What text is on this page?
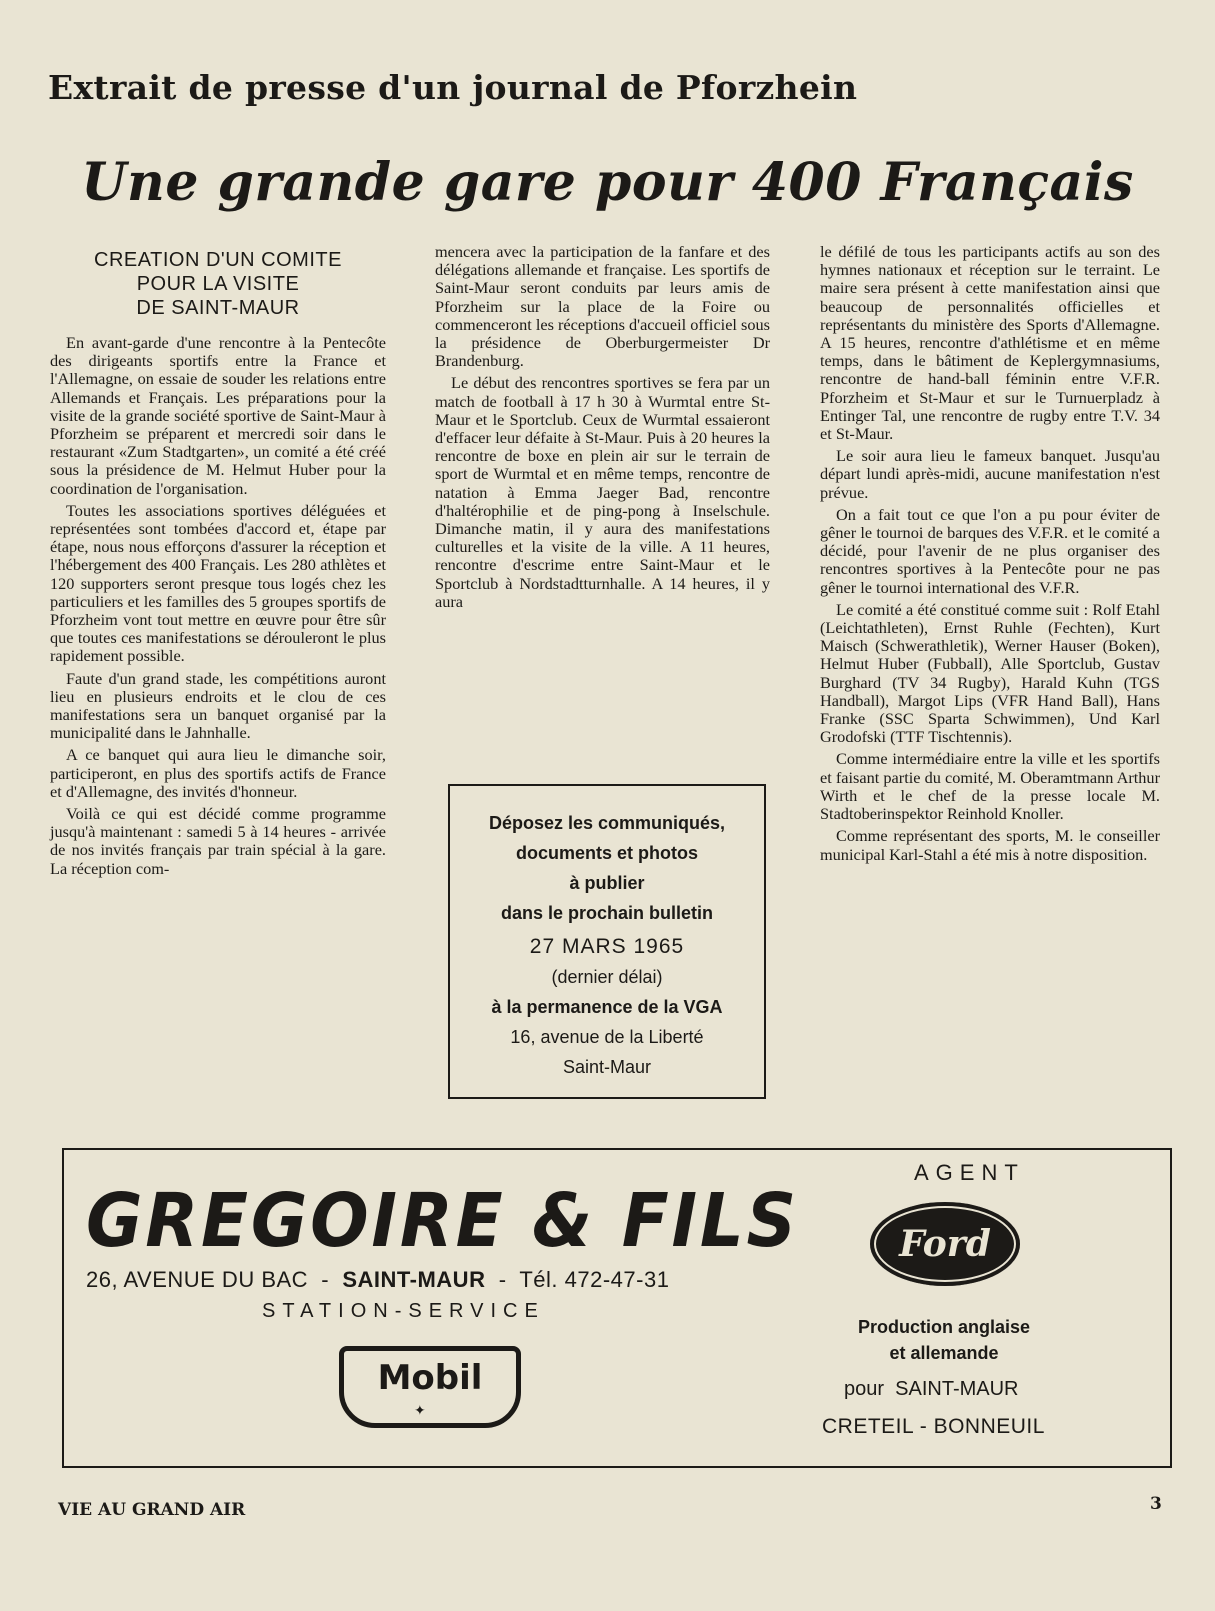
Extrait de presse d'un journal de Pforzhein
Une grande gare pour 400 Français
CREATION D'UN COMITE
POUR LA VISITE
DE SAINT-MAUR

En avant-garde d'une rencontre à la Pentecôte des dirigeants sportifs entre la France et l'Allemagne, on essaie de souder les relations entre Allemands et Français. Les préparations pour la visite de la grande société sportive de Saint-Maur à Pforzheim se préparent et mercredi soir dans le restaurant «Zum Stadtgarten», un comité a été créé sous la présidence de M. Helmut Huber pour la coordination de l'organisation.

Toutes les associations sportives déléguées et représentées sont tombées d'accord et, étape par étape, nous nous efforçons d'assurer la réception et l'hébergement des 400 Français. Les 280 athlètes et 120 supporters seront presque tous logés chez les particuliers et les familles des 5 groupes sportifs de Pforzheim vont tout mettre en œuvre pour être sûr que toutes ces manifestations se dérouleront le plus rapidement possible.

Faute d'un grand stade, les compétitions auront lieu en plusieurs endroits et le clou de ces manifestations sera un banquet organisé par la municipalité dans le Jahnhalle.

A ce banquet qui aura lieu le dimanche soir, participeront, en plus des sportifs actifs de France et d'Allemagne, des invités d'honneur.

Voilà ce qui est décidé comme programme jusqu'à maintenant : samedi 5 à 14 heures - arrivée de nos invités français par train spécial à la gare. La réception com-

mencera avec la participation de la fanfare et des délégations allemande et française. Les sportifs de Saint-Maur seront conduits par leurs amis de Pforzheim sur la place de la Foire ou commenceront les réceptions d'accueil officiel sous la présidence de Oberburgermeister Dr Brandenburg.

Le début des rencontres sportives se fera par un match de football à 17 h 30 à Wurmtal entre St-Maur et le Sportclub. Ceux de Wurmtal essaieront d'effacer leur défaite à St-Maur. Puis à 20 heures la rencontre de boxe en plein air sur le terrain de sport de Wurmtal et en même temps, rencontre de natation à Emma Jaeger Bad, rencontre d'haltérophilie et de ping-pong à Inselschule. Dimanche matin, il y aura des manifestations culturelles et la visite de la ville. A 11 heures, rencontre d'escrime entre Saint-Maur et le Sportclub à Nordstadtturnhalle. A 14 heures, il y aura

Déposez les communiqués,
documents et photos
à publier
dans le prochain bulletin
27 MARS 1965
(dernier délai)
à la permanence de la VGA
16, avenue de la Liberté
Saint-Maur

le défilé de tous les participants actifs au son des hymnes nationaux et réception sur le terraint. Le maire sera présent à cette manifestation ainsi que beaucoup de personnalités officielles et représentants du ministère des Sports d'Allemagne. A 15 heures, rencontre d'athlétisme et en même temps, dans le bâtiment de Keplergymnasiums, rencontre de hand-ball féminin entre V.F.R. Pforzheim et St-Maur et sur le Turnuerpladz à Entinger Tal, une rencontre de rugby entre T.V. 34 et St-Maur.

Le soir aura lieu le fameux banquet. Jusqu'au départ lundi après-midi, aucune manifestation n'est prévue.

On a fait tout ce que l'on a pu pour éviter de gêner le tournoi de barques des V.F.R. et le comité a décidé, pour l'avenir de ne plus organiser des rencontres sportives à la Pentecôte pour ne pas gêner le tournoi international des V.F.R.

Le comité a été constitué comme suit : Rolf Etahl (Leichtathleten), Ernst Ruhle (Fechten), Kurt Maisch (Schwerathletik), Werner Hauser (Boken), Helmut Huber (Fubball), Alle Sportclub, Gustav Burghard (TV 34 Rugby), Harald Kuhn (TGS Handball), Margot Lips (VFR Hand Ball), Hans Franke (SSC Sparta Schwimmen), Und Karl Grodofski (TTF Tischtennis).

Comme intermédiaire entre la ville et les sportifs et faisant partie du comité, M. Oberamtmann Arthur Wirth et le chef de la presse locale M. Stadtoberinspektor Reinhold Knoller.

Comme représentant des sports, M. le conseiller municipal Karl-Stahl a été mis à notre disposition.

GREGOIRE & FILS
26, AVENUE DU BAC - SAINT-MAUR - Tél. 472-47-31
STATION-SERVICE
Mobil
✦
AGENT
Ford
Production anglaise
et allemande
pour SAINT-MAUR
CRETEIL - BONNEUIL
VIE AU GRAND AIR	3
